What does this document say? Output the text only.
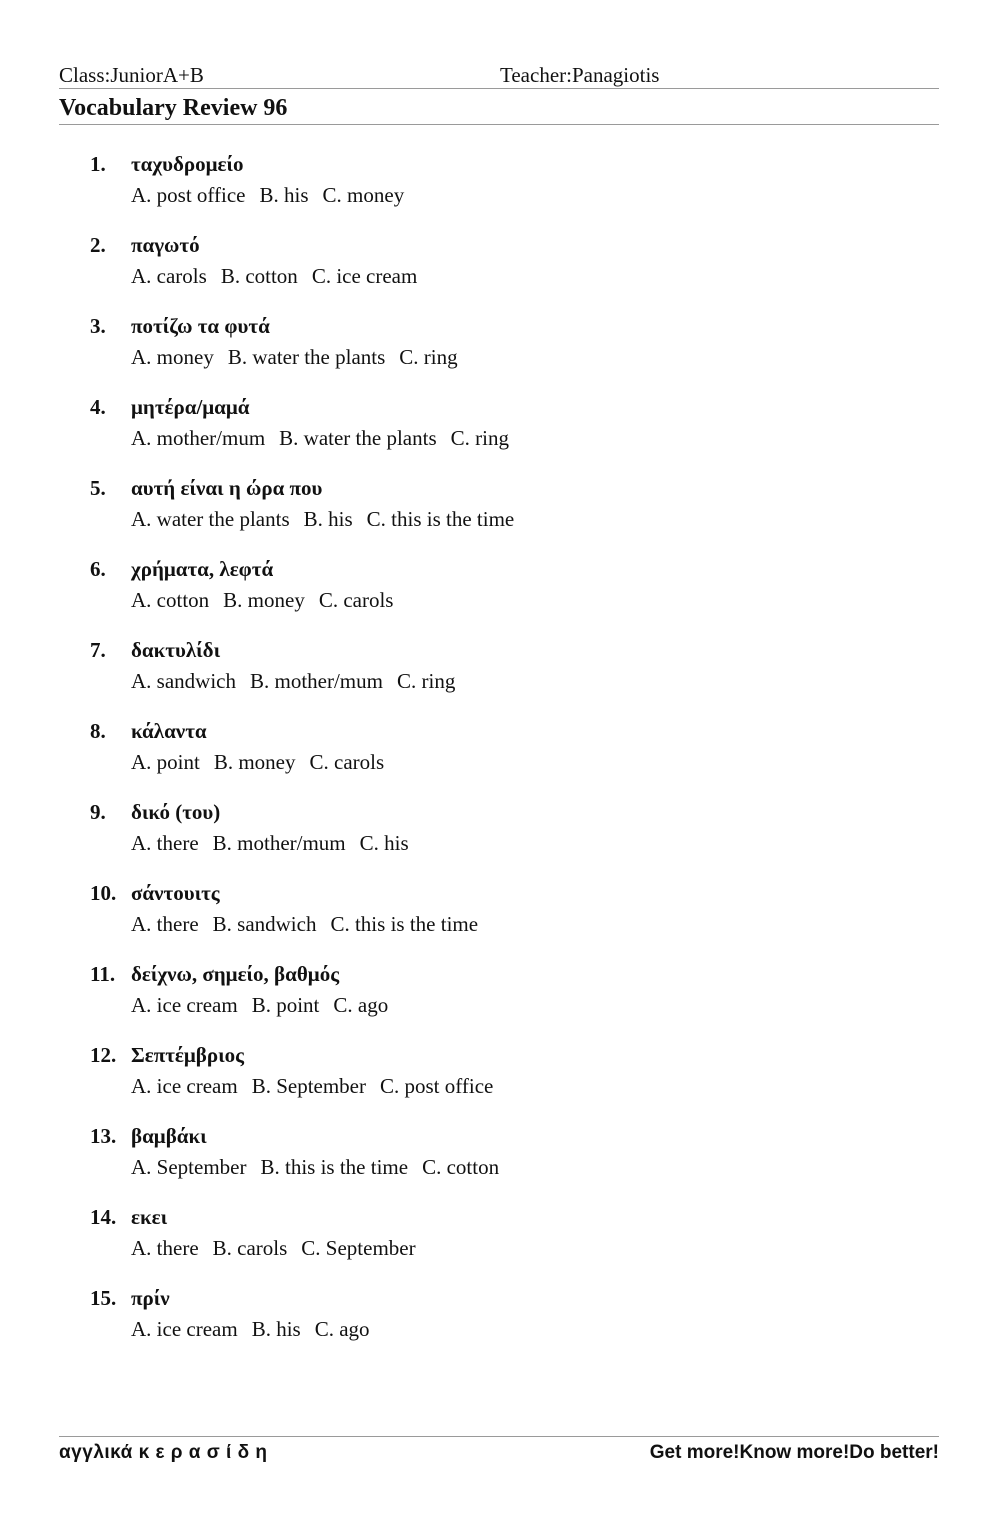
Class:JuniorA+B	Teacher:Panagiotis
Vocabulary Review 96
1. ταχυδρομείο
A. post office B. his C. money
2. παγωτό
A. carols B. cotton C. ice cream
3. ποτίζω τα φυτά
A. money B. water the plants C. ring
4. μητέρα/μαμά
A. mother/mum B. water the plants C. ring
5. αυτή είναι η ώρα που
A. water the plants B. his C. this is the time
6. χρήματα, λεφτά
A. cotton B. money C. carols
7. δακτυλίδι
A. sandwich B. mother/mum C. ring
8. κάλαντα
A. point B. money C. carols
9. δικό (του)
A. there B. mother/mum C. his
10. σάντουιτς
A. there B. sandwich C. this is the time
11. δείχνω, σημείο, βαθμός
A. ice cream B. point C. ago
12. Σεπτέμβριος
A. ice cream B. September C. post office
13. βαμβάκι
A. September B. this is the time C. cotton
14. εκει
A. there B. carols C. September
15. πρίν
A. ice cream B. his C. ago
αγγλικά κ ε ρ α σ ί δ η	Get more!Know more!Do better!
